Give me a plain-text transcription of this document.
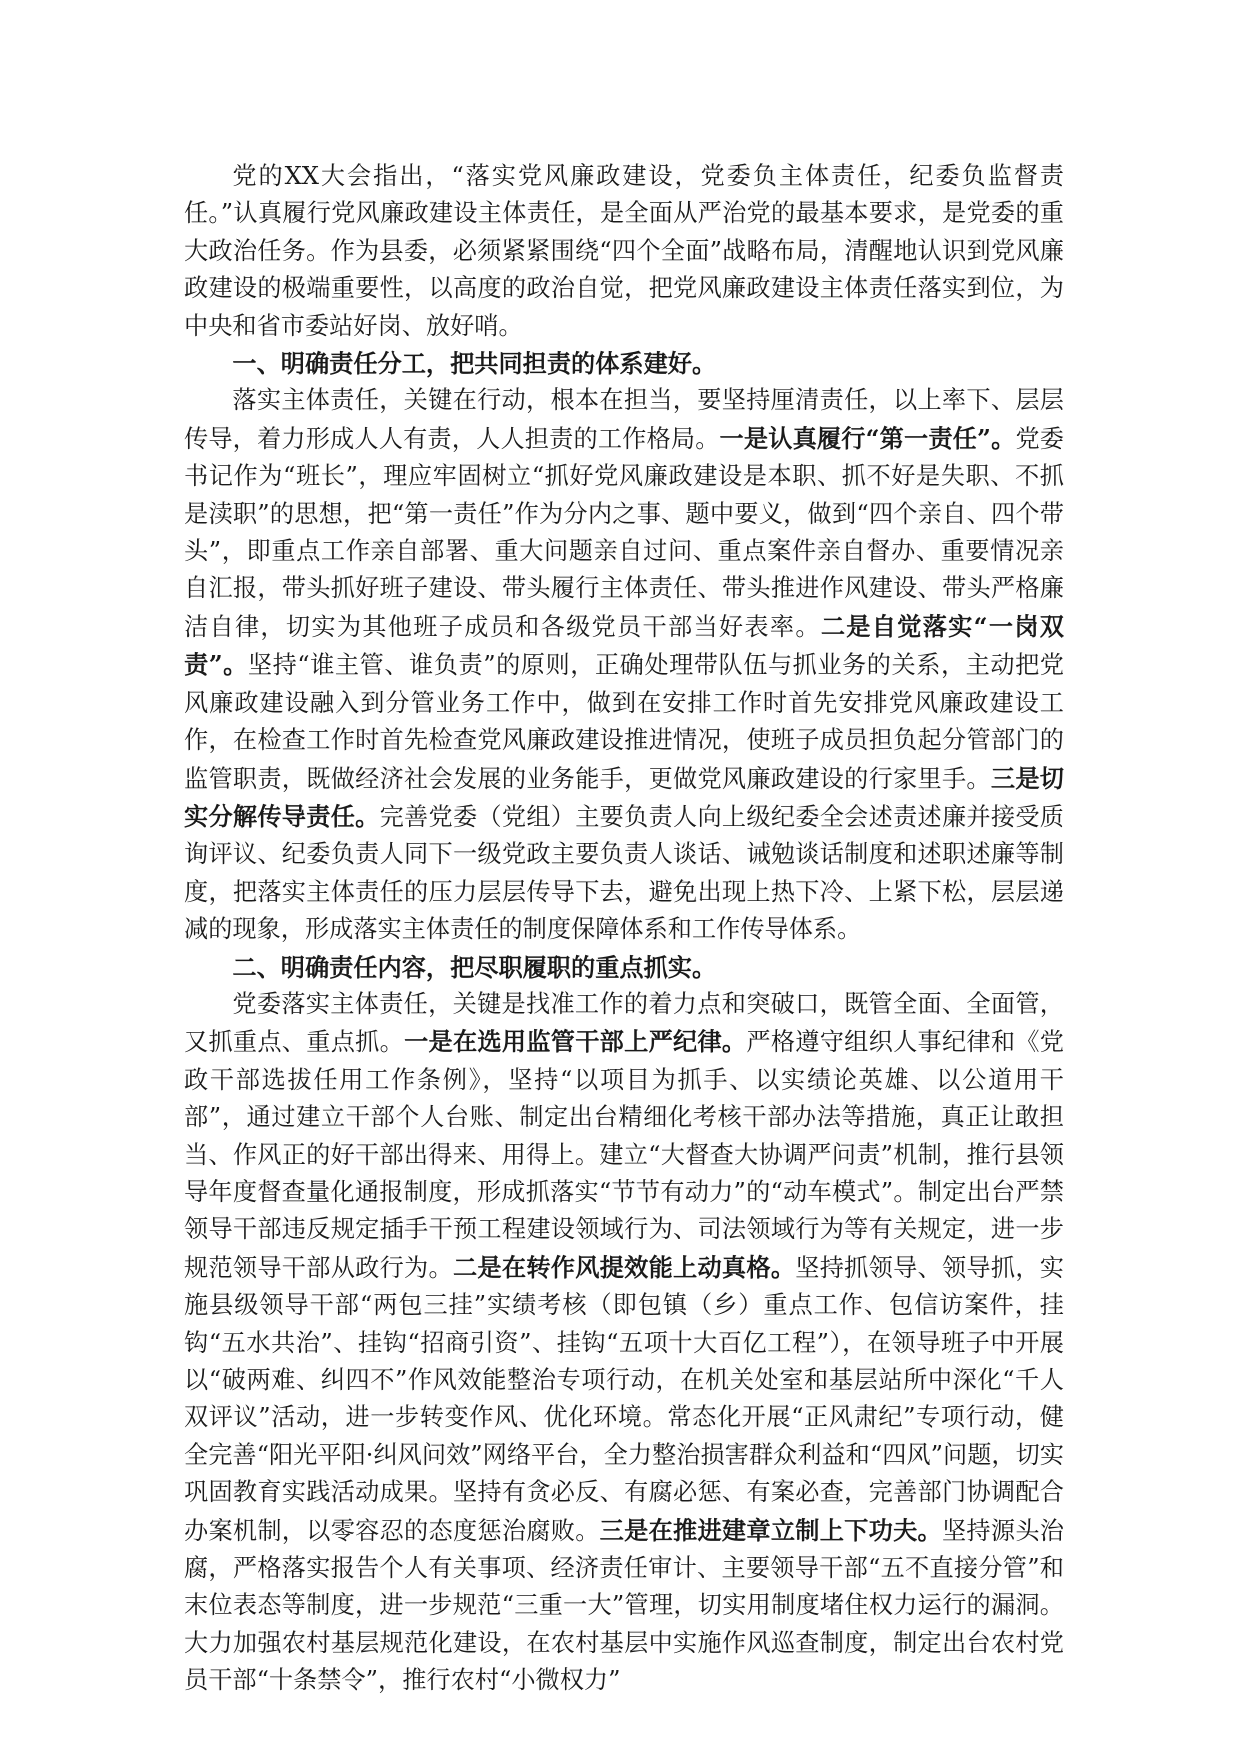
党的XX大会指出，“落实党风廉政建设，党委负主体责任，纪委负监督责任。”认真履行党风廉政建设主体责任，是全面从严治党的最基本要求，是党委的重大政治任务。作为县委，必须紧紧围绕“四个全面”战略布局，清醒地认识到党风廉政建设的极端重要性，以高度的政治自觉，把党风廉政建设主体责任落实到位，为中央和省市委站好岗、放好哨。

一、明确责任分工，把共同担责的体系建好。

落实主体责任，关键在行动，根本在担当，要坚持厘清责任，以上率下、层层传导，着力形成人人有责，人人担责的工作格局。一是认真履行“第一责任”。党委书记作为“班长”，理应牢固树立“抓好党风廉政建设是本职、抓不好是失职、不抓是渎职”的思想，把“第一责任”作为分内之事、题中要义，做到“四个亲自、四个带头”，即重点工作亲自部署、重大问题亲自过问、重点案件亲自督办、重要情况亲自汇报，带头抓好班子建设、带头履行主体责任、带头推进作风建设、带头严格廉洁自律，切实为其他班子成员和各级党员干部当好表率。二是自觉落实“一岗双责”。坚持“谁主管、谁负责”的原则，正确处理带队伍与抓业务的关系，主动把党风廉政建设融入到分管业务工作中，做到在安排工作时首先安排党风廉政建设工作，在检查工作时首先检查党风廉政建设推进情况，使班子成员担负起分管部门的监管职责，既做经济社会发展的业务能手，更做党风廉政建设的行家里手。三是切实分解传导责任。完善党委（党组）主要负责人向上级纪委全会述责述廉并接受质询评议、纪委负责人同下一级党政主要负责人谈话、诫勉谈话制度和述职述廉等制度，把落实主体责任的压力层层传导下去，避免出现上热下冷、上紧下松，层层递减的现象，形成落实主体责任的制度保障体系和工作传导体系。

二、明确责任内容，把尽职履职的重点抓实。

党委落实主体责任，关键是找准工作的着力点和突破口，既管全面、全面管，又抓重点、重点抓。一是在选用监管干部上严纪律。严格遵守组织人事纪律和《党政干部选拔任用工作条例》，坚持“以项目为抓手、以实绩论英雄、以公道用干部”，通过建立干部个人台账、制定出台精细化考核干部办法等措施，真正让敢担当、作风正的好干部出得来、用得上。建立“大督查大协调严问责”机制，推行县领导年度督查量化通报制度，形成抓落实“节节有动力”的“动车模式”。制定出台严禁领导干部违反规定插手干预工程建设领域行为、司法领域行为等有关规定，进一步规范领导干部从政行为。二是在转作风提效能上动真格。坚持抓领导、领导抓，实施县级领导干部“两包三挂”实绩考核（即包镇（乡）重点工作、包信访案件，挂钩“五水共治”、挂钩“招商引资”、挂钩“五项十大百亿工程”），在领导班子中开展以“破两难、纠四不”作风效能整治专项行动，在机关处室和基层站所中深化“千人双评议”活动，进一步转变作风、优化环境。常态化开展“正风肃纪”专项行动，健全完善“阳光平阳·纠风问效”网络平台，全力整治损害群众利益和“四风”问题，切实巩固教育实践活动成果。坚持有贪必反、有腐必惩、有案必查，完善部门协调配合办案机制，以零容忍的态度惩治腐败。三是在推进建章立制上下功夫。坚持源头治腐，严格落实报告个人有关事项、经济责任审计、主要领导干部“五不直接分管”和末位表态等制度，进一步规范“三重一大”管理，切实用制度堵住权力运行的漏洞。大力加强农村基层规范化建设，在农村基层中实施作风巡查制度，制定出台农村党员干部“十条禁令”，推行农村“小微权力”
